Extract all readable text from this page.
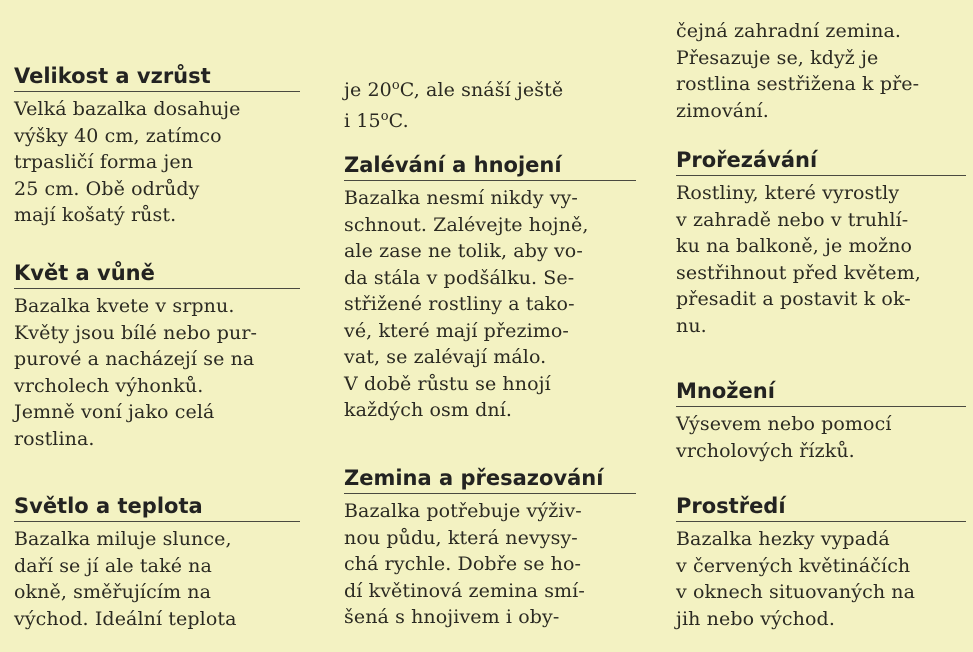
Velikost a vzrůst
Velká bazalka dosahuje
výšky 40 cm, zatímco
trpasličí forma jen
25 cm. Obě odrůdy
mají košatý růst.
Květ a vůně
Bazalka kvete v srpnu.
Květy jsou bílé nebo pur-
purové a nacházejí se na
vrcholech výhonků.
Jemně voní jako celá
rostlina.
Světlo a teplota
Bazalka miluje slunce,
daří se jí ale také na
okně, směřujícím na
východ. Ideální teplota
je 20$^o$C, ale snáší ještě
i 15$^o$C.
Zalévání a hnojení
Bazalka nesmí nikdy vy-
schnout. Zalévejte hojně,
ale zase ne tolik, aby vo-
da stála v podšálku. Se-
střižené rostliny a tako-
vé, které mají přezimo-
vat, se zalévají málo.
V době růstu se hnojí
každých osm dní.
Zemina a přesazování
Bazalka potřebuje výživ-
nou půdu, která nevysy-
chá rychle. Dobře se ho-
dí květinová zemina smí-
šená s hnojivem i oby-
čejná zahradní zemina.
Přesazuje se, když je
rostlina sestřižena k pře-
zimování.
Prořezávání
Rostliny, které vyrostly
v zahradě nebo v truhlí-
ku na balkoně, je možno
sestřihnout před květem,
přesadit a postavit k ok-
nu.
Množení
Výsevem nebo pomocí
vrcholových řízků.
Prostředí
Bazalka hezky vypadá
v červených květináčích
v oknech situovaných na
jih nebo východ.
